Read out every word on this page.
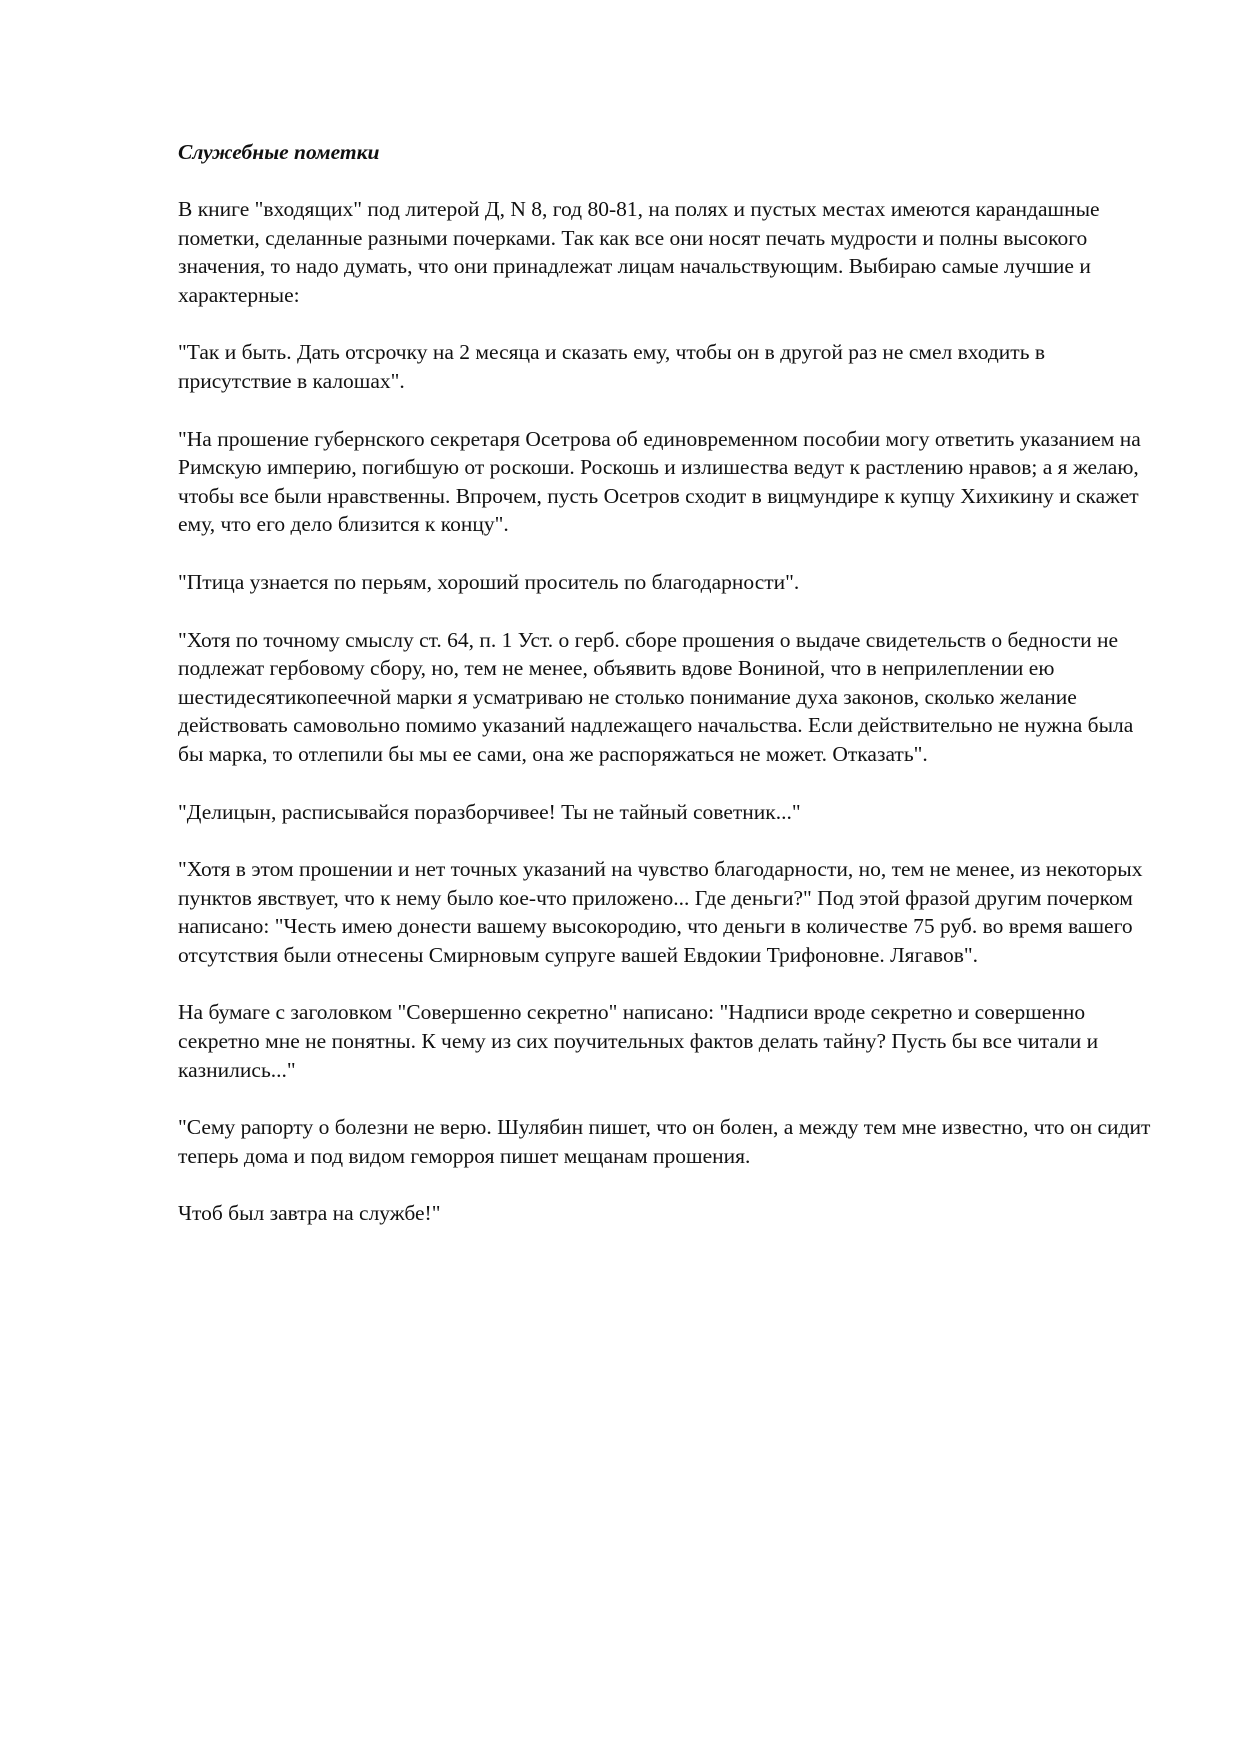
Служебные пометки
В книге "входящих" под литерой Д, N 8, год 80-81, на полях и пустых местах имеются карандашные пометки, сделанные разными почерками. Так как все они носят печать мудрости и полны высокого значения, то надо думать, что они принадлежат лицам начальствующим. Выбираю самые лучшие и характерные:
"Так и быть. Дать отсрочку на 2 месяца и сказать ему, чтобы он в другой раз не смел входить в присутствие в калошах".
"На прошение губернского секретаря Осетрова об единовременном пособии могу ответить указанием на Римскую империю, погибшую от роскоши. Роскошь и излишества ведут к растлению нравов; а я желаю, чтобы все были нравственны. Впрочем, пусть Осетров сходит в вицмундире к купцу Хихикину и скажет ему, что его дело близится к концу".
"Птица узнается по перьям, хороший проситель по благодарности".
"Хотя по точному смыслу ст. 64, п. 1 Уст. о герб. сборе прошения о выдаче свидетельств о бедности не подлежат гербовому сбору, но, тем не менее, объявить вдове Вониной, что в неприлеплении ею шестидесятикопеечной марки я усматриваю не столько понимание духа законов, сколько желание действовать самовольно помимо указаний надлежащего начальства. Если действительно не нужна была бы марка, то отлепили бы мы ее сами, она же распоряжаться не может. Отказать".
"Делицын, расписывайся поразборчивее! Ты не тайный советник..."
"Хотя в этом прошении и нет точных указаний на чувство благодарности, но, тем не менее, из некоторых пунктов явствует, что к нему было кое-что приложено... Где деньги?" Под этой фразой другим почерком написано: "Честь имею донести вашему высокородию, что деньги в количестве 75 руб. во время вашего отсутствия были отнесены Смирновым супруге вашей Евдокии Трифоновне. Лягавов".
На бумаге с заголовком "Совершенно секретно" написано: "Надписи вроде секретно и совершенно секретно мне не понятны. К чему из сих поучительных фактов делать тайну? Пусть бы все читали и казнились..."
"Сему рапорту о болезни не верю. Шулябин пишет, что он болен, а между тем мне известно, что он сидит теперь дома и под видом геморроя пишет мещанам прошения.
Чтоб был завтра на службе!"
